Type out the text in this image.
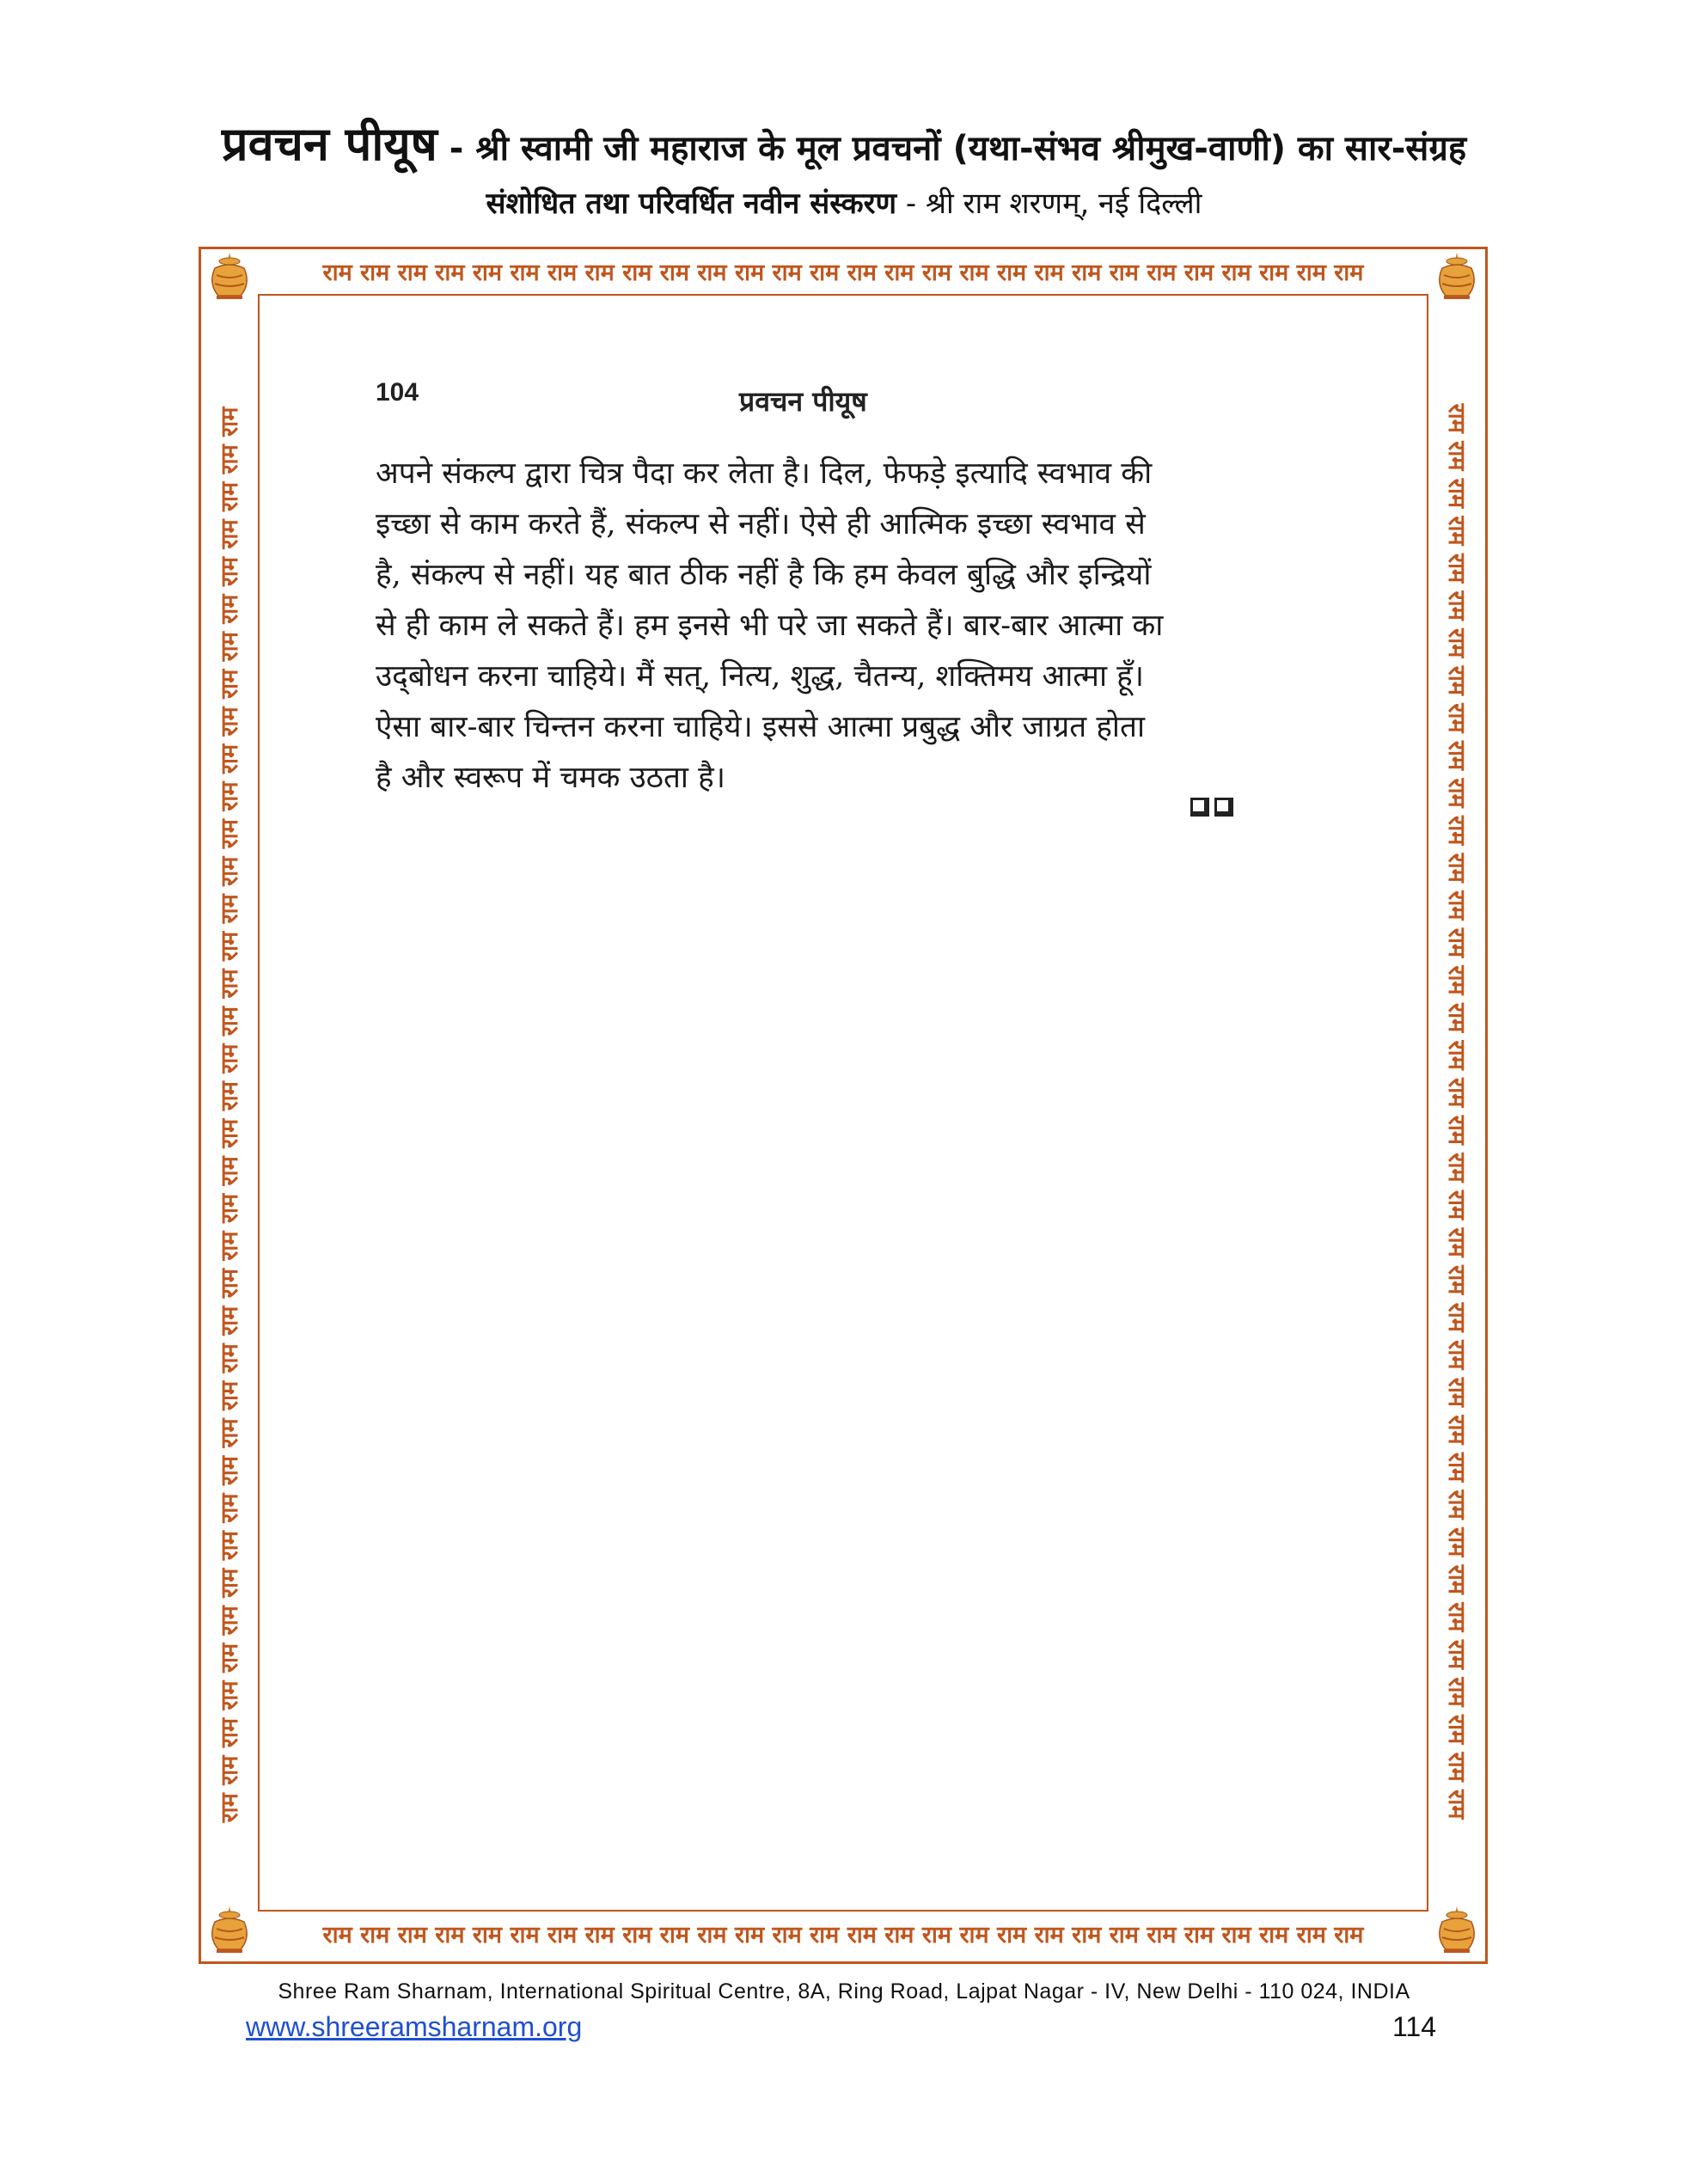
प्रवचन पीयूष - श्री स्वामी जी महाराज के मूल प्रवचनों (यथा-संभव श्रीमुख-वाणी) का सार-संग्रह
संशोधित तथा परिवर्धित नवीन संस्करण - श्री राम शरणम्, नई दिल्ली
राम राम राम राम राम राम राम राम राम राम राम राम राम राम राम राम राम राम राम राम राम राम राम राम राम राम राम राम
राम राम राम राम राम राम राम राम राम राम राम राम राम राम राम राम राम राम राम राम राम राम राम राम राम राम राम राम
राम राम राम राम राम राम राम राम राम राम राम राम राम राम राम राम राम राम राम राम राम राम राम राम राम राम राम राम राम राम राम राम राम राम राम राम राम राम	राम राम राम राम राम राम राम राम राम राम राम राम राम राम राम राम राम राम राम राम राम राम राम राम राम राम राम राम राम राम राम राम राम राम राम राम राम राम
104	प्रवचन पीयूष
अपने संकल्प द्वारा चित्र पैदा कर लेता है। दिल, फेफड़े इत्यादि स्वभाव की
इच्छा से काम करते हैं, संकल्प से नहीं। ऐसे ही आत्मिक इच्छा स्वभाव से
है, संकल्प से नहीं। यह बात ठीक नहीं है कि हम केवल बुद्धि और इन्द्रियों
से ही काम ले सकते हैं। हम इनसे भी परे जा सकते हैं। बार-बार आत्मा का
उद्‌बोधन करना चाहिये। मैं सत्, नित्य, शुद्ध, चैतन्य, शक्तिमय आत्मा हूँ।
ऐसा बार-बार चिन्तन करना चाहिये। इससे आत्मा प्रबुद्ध और जाग्रत होता
है और स्वरूप में चमक उठता है।
Shree Ram Sharnam, International Spiritual Centre, 8A, Ring Road, Lajpat Nagar - IV, New Delhi - 110 024, INDIA
www.shreeramsharnam.org	114
